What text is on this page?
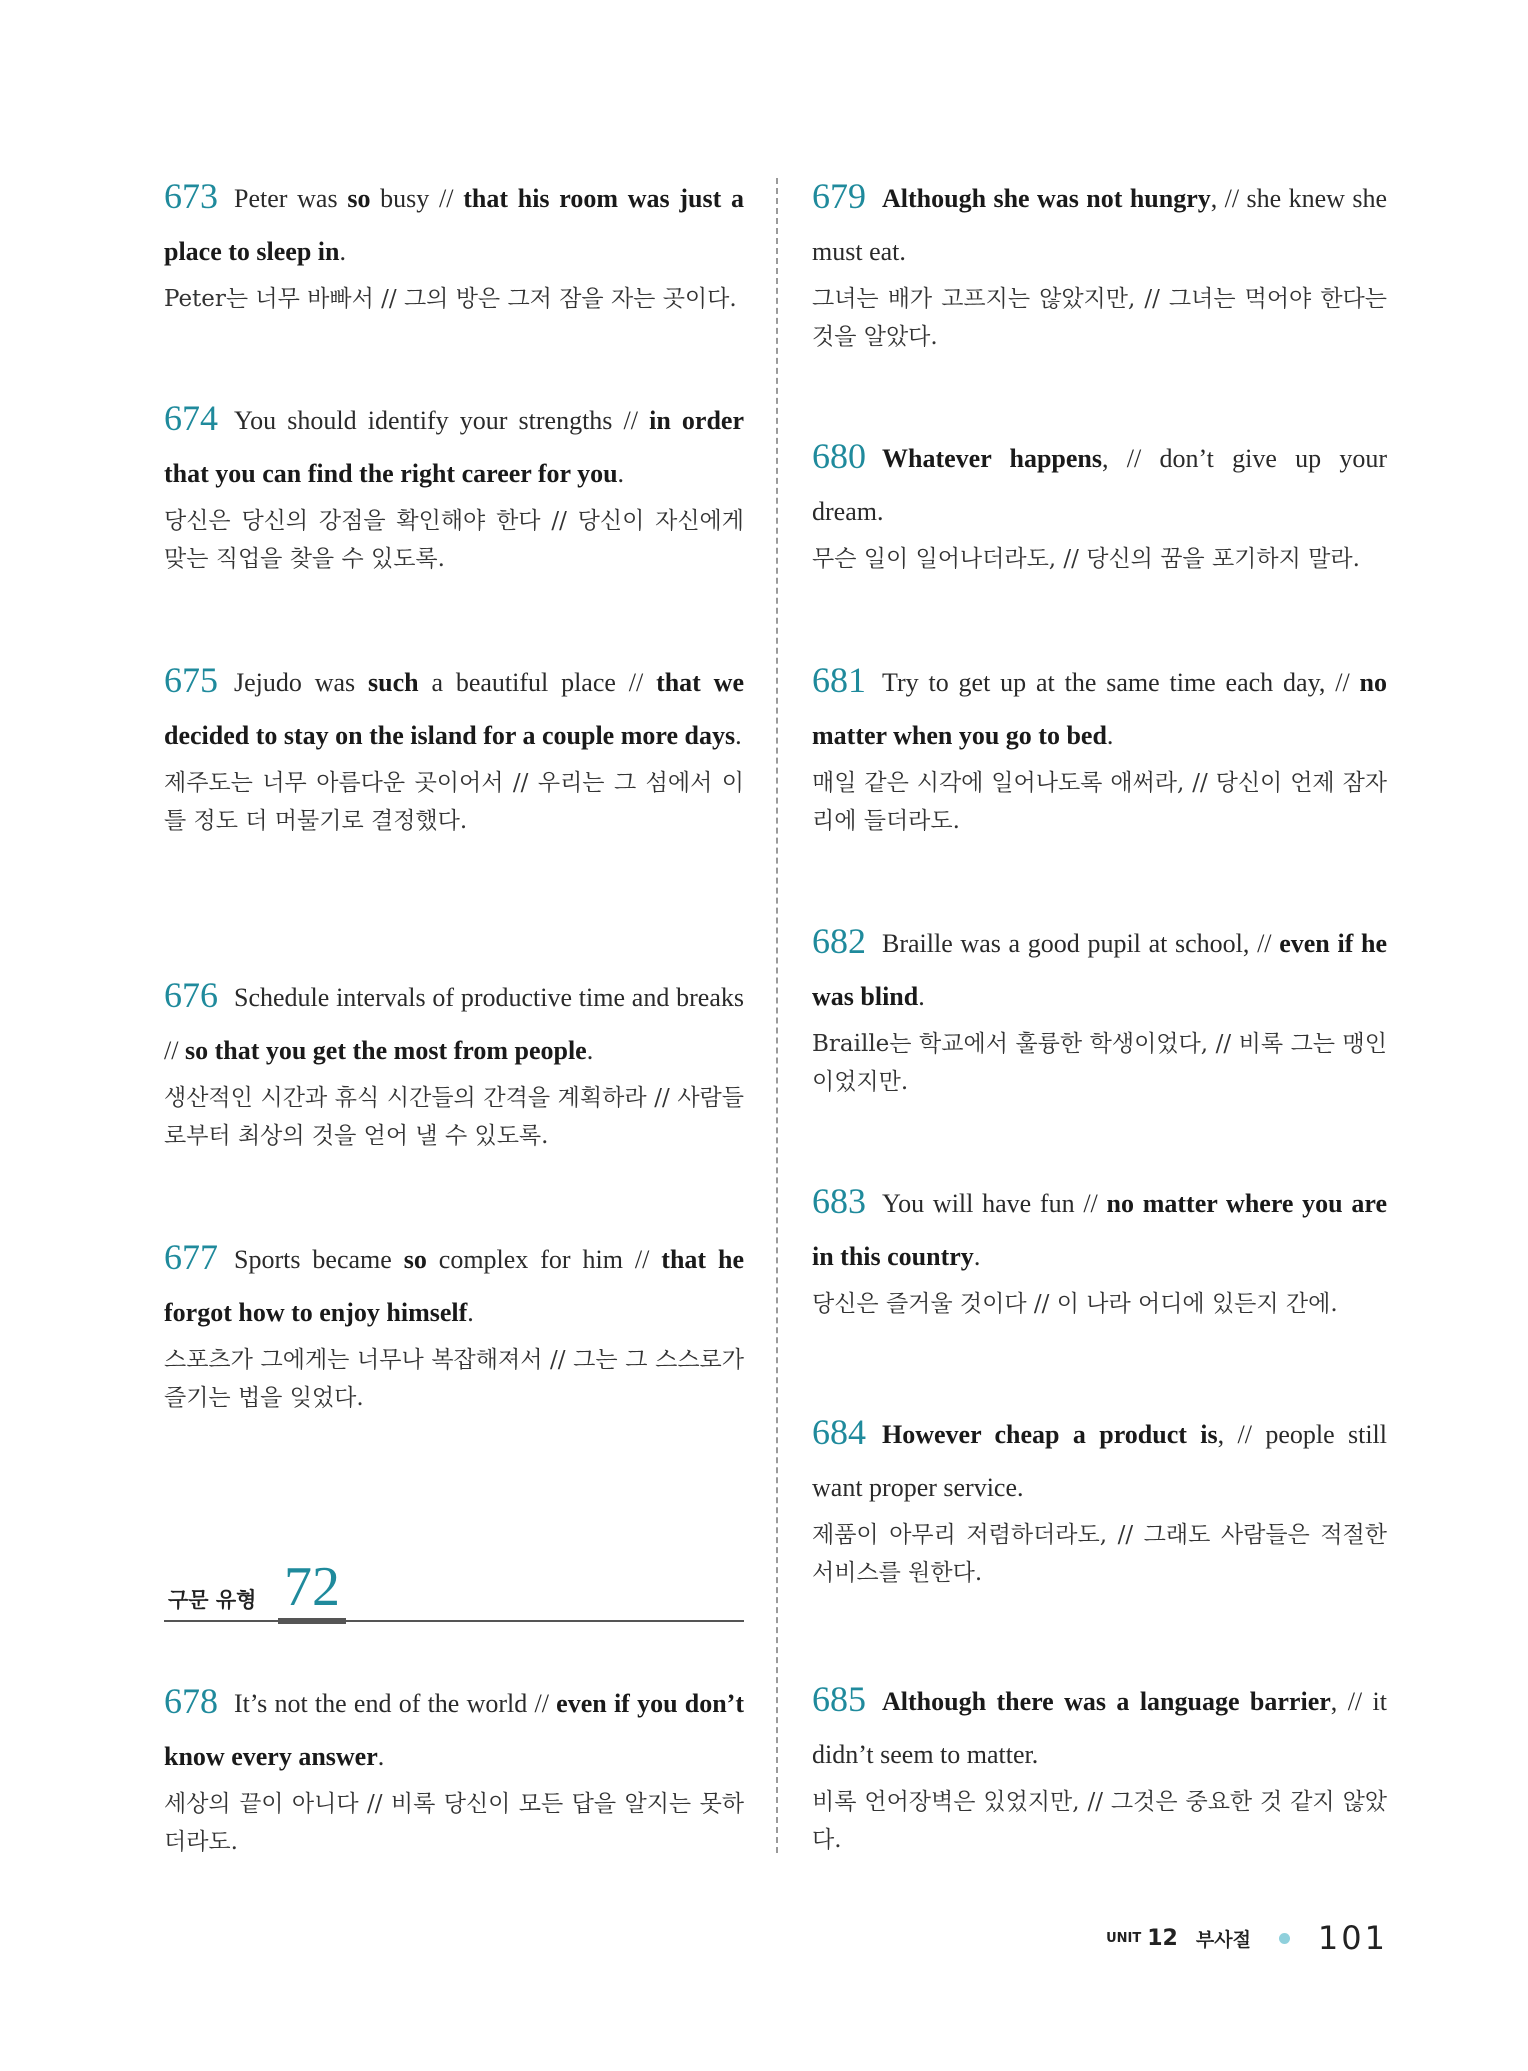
673 Peter was so busy // that his room was just a place to sleep in.

Peter는 너무 바빠서 // 그의 방은 그저 잠을 자는 곳이다.

674 You should identify your strengths // in order that you can find the right career for you.

당신은 당신의 강점을 확인해야 한다 // 당신이 자신에게 맞는 직업을 찾을 수 있도록.

675 Jejudo was such a beautiful place // that we decided to stay on the island for a couple more days.

제주도는 너무 아름다운 곳이어서 // 우리는 그 섬에서 이틀 정도 더 머물기로 결정했다.

676 Schedule intervals of productive time and breaks // so that you get the most from people.

생산적인 시간과 휴식 시간들의 간격을 계획하라 // 사람들로부터 최상의 것을 얻어 낼 수 있도록.

677 Sports became so complex for him // that he forgot how to enjoy himself.

스포츠가 그에게는 너무나 복잡해져서 // 그는 그 스스로가 즐기는 법을 잊었다.

구문 유형 72

678 It’s not the end of the world // even if you don’t know every answer.

세상의 끝이 아니다 // 비록 당신이 모든 답을 알지는 못하더라도.

679 Although she was not hungry, // she knew she must eat.

그녀는 배가 고프지는 않았지만, // 그녀는 먹어야 한다는 것을 알았다.

680 Whatever happens, // don’t give up your dream.

무슨 일이 일어나더라도, // 당신의 꿈을 포기하지 말라.

681 Try to get up at the same time each day, // no matter when you go to bed.

매일 같은 시각에 일어나도록 애써라, // 당신이 언제 잠자리에 들더라도.

682 Braille was a good pupil at school, // even if he was blind.

Braille는 학교에서 훌륭한 학생이었다, // 비록 그는 맹인이었지만.

683 You will have fun // no matter where you are in this country.

당신은 즐거울 것이다 // 이 나라 어디에 있든지 간에.

684 However cheap a product is, // people still want proper service.

제품이 아무리 저렴하더라도, // 그래도 사람들은 적절한 서비스를 원한다.

685 Although there was a language barrier, // it didn’t seem to matter.

비록 언어장벽은 있었지만, // 그것은 중요한 것 같지 않았다.

UNIT 12 부사절 101
